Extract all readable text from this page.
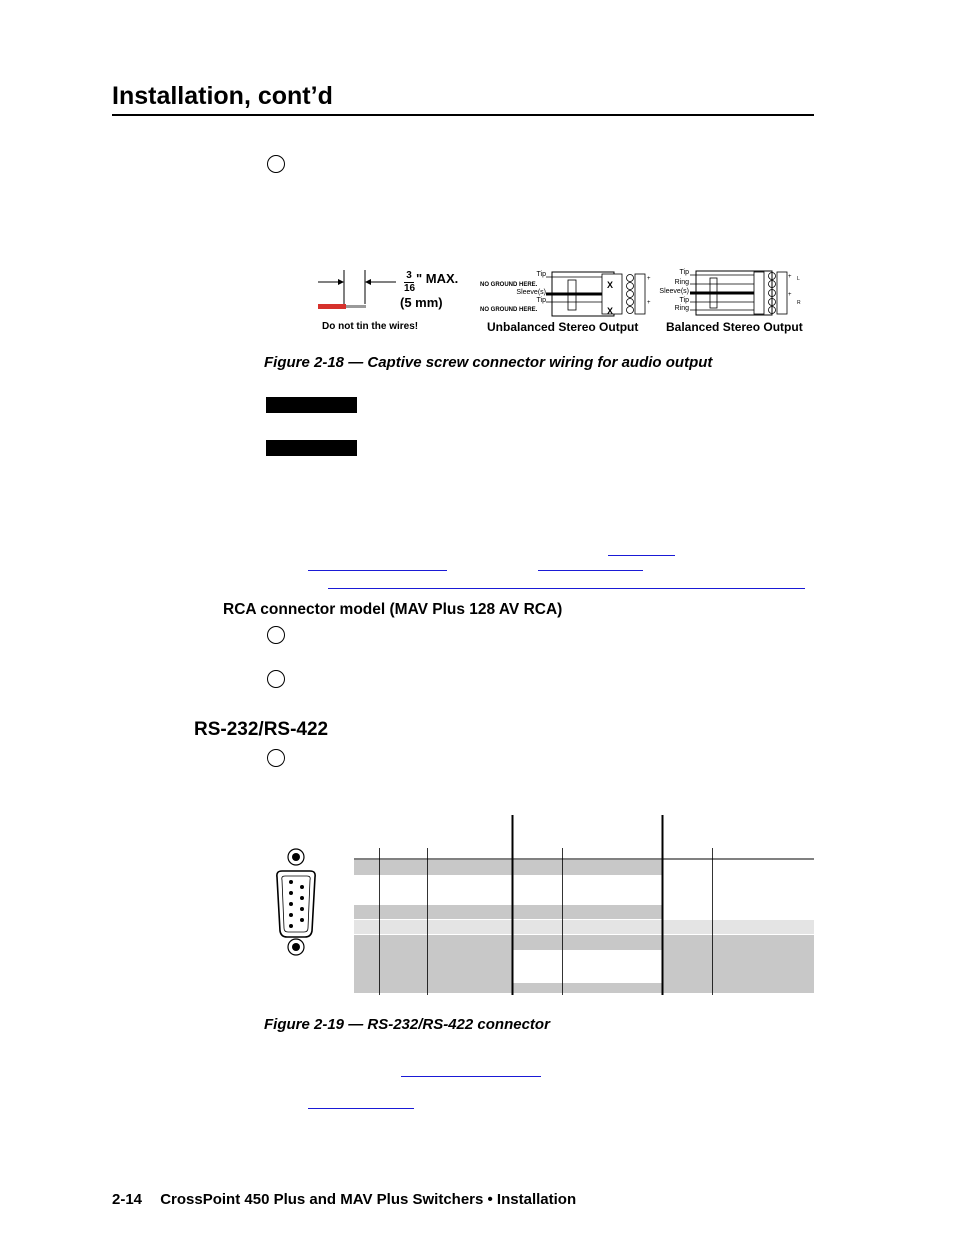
Installation, cont’d
$\frac{3}{16}$ " MAX.
(5 mm)
Do not tin the wires!
Tip
NO GROUND HERE.
Sleeve(s)
Tip
NO GROUND HERE.
X
X
+
+
Unbalanced Stereo Output
Tip
Ring
Sleeve(s)
Tip
Ring
+
+
L
R
Balanced Stereo Output
Figure 2-18 — Captive screw connector wiring for audio output
RCA connector model (MAV Plus 128 AV RCA)
RS-232/RS-422
Figure 2-19 — RS-232/RS-422 connector
2-14 CrossPoint 450 Plus and MAV Plus Switchers • Installation
